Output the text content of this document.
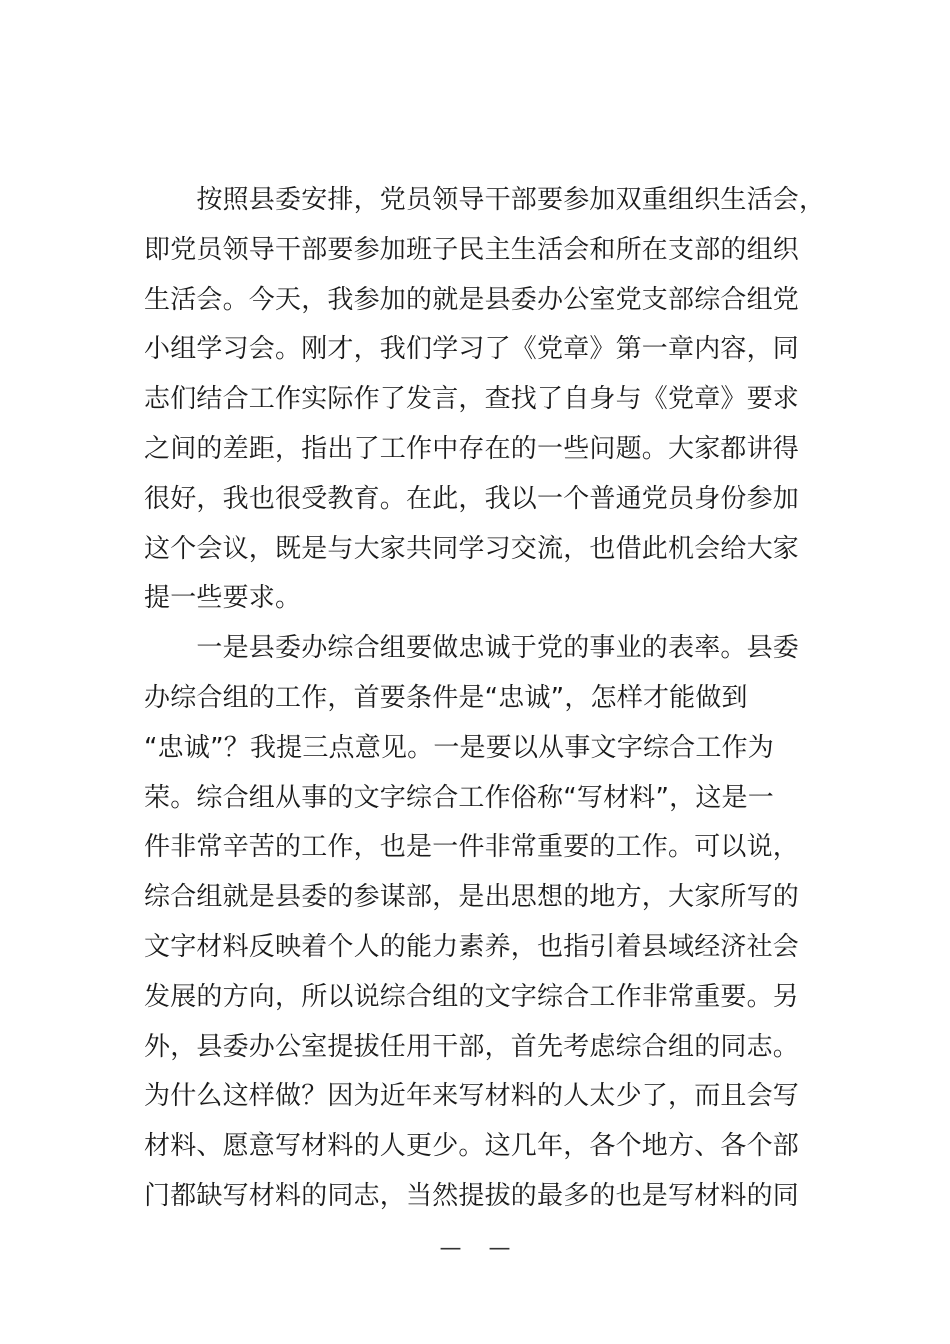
　　按照县委安排，党员领导干部要参加双重组织生活会，
即党员领导干部要参加班子民主生活会和所在支部的组织
生活会。今天，我参加的就是县委办公室党支部综合组党
小组学习会。刚才，我们学习了《党章》第一章内容，同
志们结合工作实际作了发言，查找了自身与《党章》要求
之间的差距，指出了工作中存在的一些问题。大家都讲得
很好，我也很受教育。在此，我以一个普通党员身份参加
这个会议，既是与大家共同学习交流，也借此机会给大家
提一些要求。
　　一是县委办综合组要做忠诚于党的事业的表率。县委
办综合组的工作，首要条件是“忠诚”，怎样才能做到
“忠诚”？我提三点意见。一是要以从事文字综合工作为
荣。综合组从事的文字综合工作俗称“写材料”，这是一
件非常辛苦的工作，也是一件非常重要的工作。可以说，
综合组就是县委的参谋部，是出思想的地方，大家所写的
文字材料反映着个人的能力素养，也指引着县域经济社会
发展的方向，所以说综合组的文字综合工作非常重要。另
外，县委办公室提拔任用干部，首先考虑综合组的同志。
为什么这样做？因为近年来写材料的人太少了，而且会写
材料、愿意写材料的人更少。这几年，各个地方、各个部
门都缺写材料的同志，当然提拔的最多的也是写材料的同
— —
